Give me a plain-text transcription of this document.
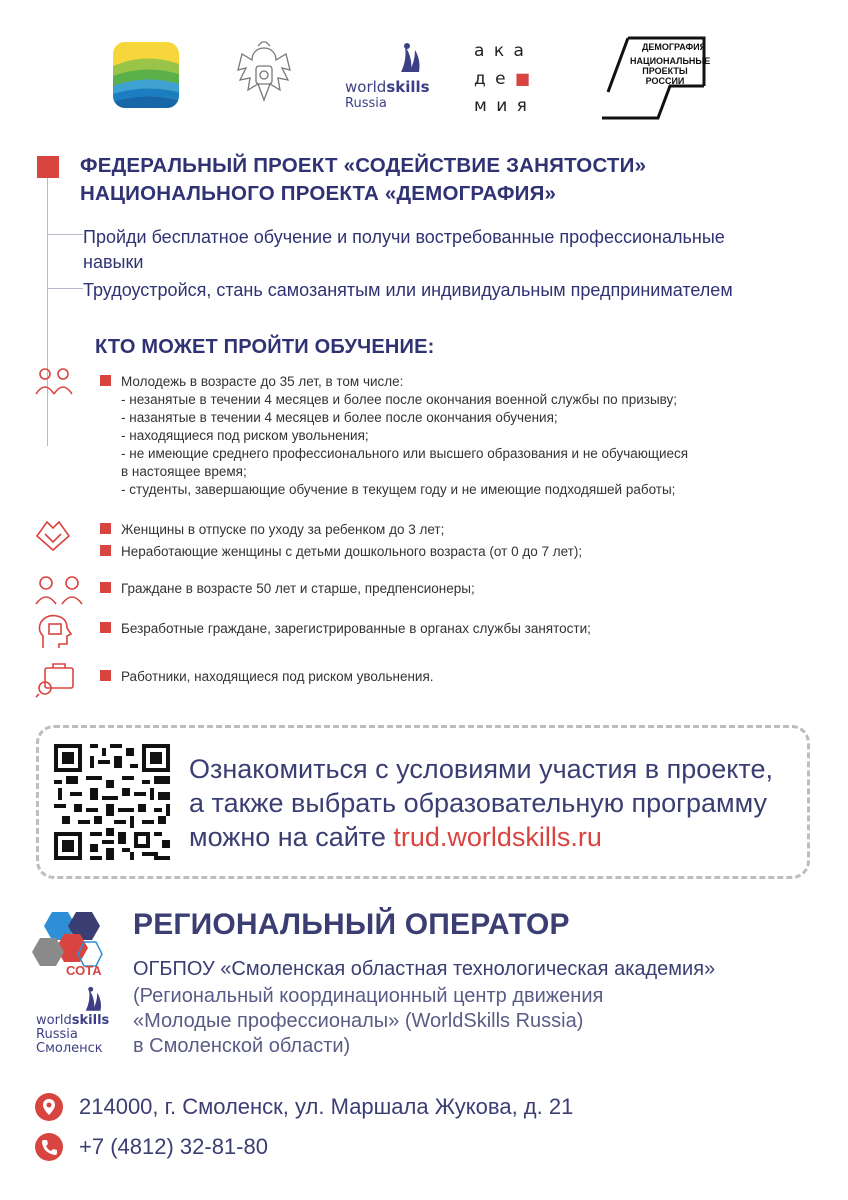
worldskills
Russia
а к а
д е ■
м и я
ДЕМОГРАФИЯ
НАЦИОНАЛЬНЫЕ
ПРОЕКТЫ
РОССИИ
ФЕДЕРАЛЬНЫЙ ПРОЕКТ «СОДЕЙСТВИЕ ЗАНЯТОСТИ»
НАЦИОНАЛЬНОГО ПРОЕКТА «ДЕМОГРАФИЯ»
Пройди бесплатное обучение и получи востребованные профессиональные
навыки
Трудоустройся, стань самозанятым или индивидуальным предпринимателем
КТО МОЖЕТ ПРОЙТИ ОБУЧЕНИЕ:
Молодежь в возрасте до 35 лет, в том числе:
- незанятые в течении 4 месяцев и более после окончания военной службы по призыву;
- назанятые в течении 4 месяцев и более после окончания обучения;
- находящиеся под риском увольнения;
- не имеющие среднего профессионального или высшего образования и не обучающиеся
в настоящее время;
- студенты, завершающие обучение в текущем году и не имеющие подходяшей работы;
Женщины в отпуске по уходу за ребенком до 3 лет;
Неработающие женщины с детьми дошкольного возраста (от 0 до 7 лет);
Граждане в возрасте 50 лет и старше, предпенсионеры;
Безработные граждане, зарегистрированные в органах службы занятости;
Работники, находящиеся под риском увольнения.
Ознакомиться с условиями участия в проекте,
а также выбрать образовательную программу
можно на сайте trud.worldskills.ru
СОТА
worldskills
Russia
Смоленск
РЕГИОНАЛЬНЫЙ ОПЕРАТОР
ОГБПОУ «Смоленская областная технологическая академия»
(Региональный координационный центр движения
«Молодые профессионалы» (WorldSkills Russia)
в Смоленской области)
214000, г. Смоленск, ул. Маршала Жукова, д. 21
+7 (4812) 32-81-80
